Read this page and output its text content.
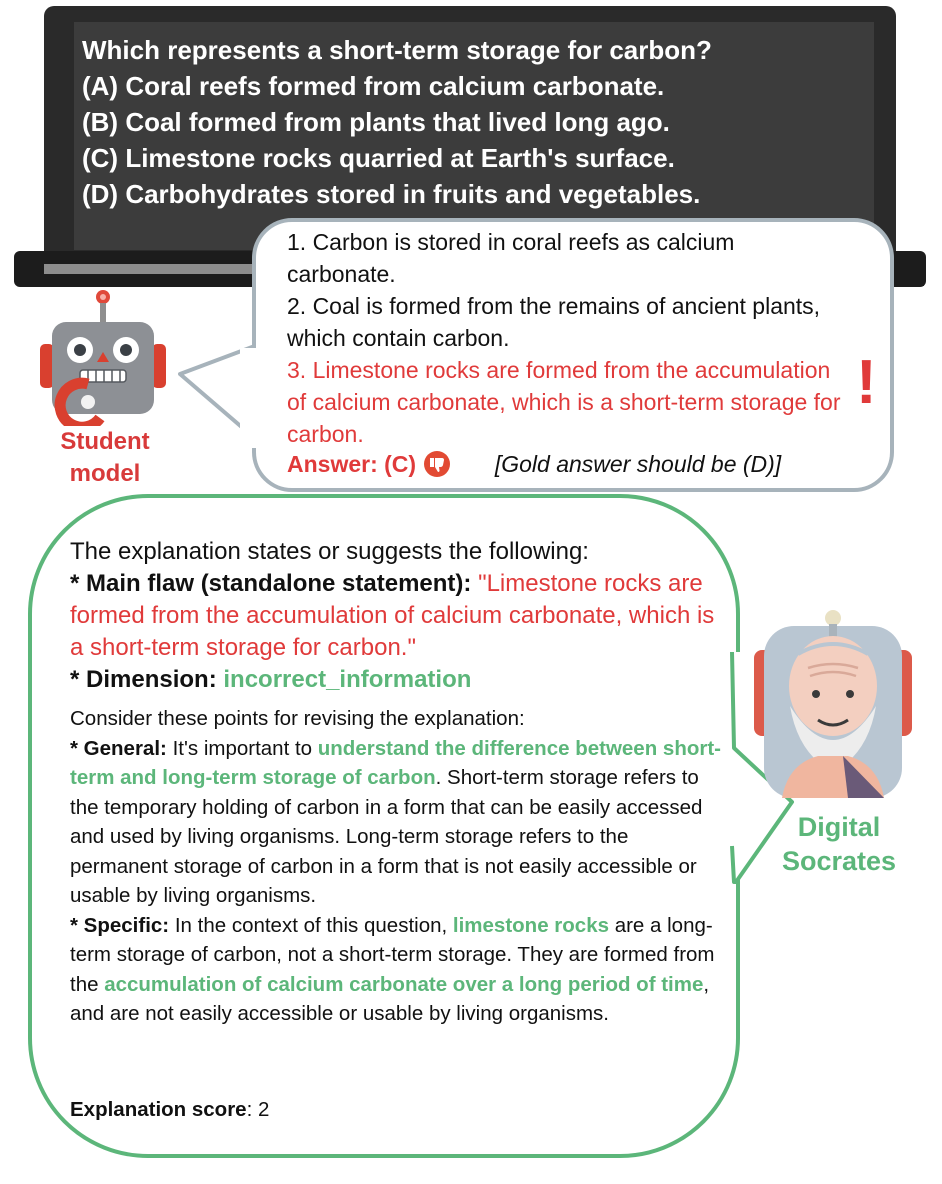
Which represents a short-term storage for carbon?
(A) Coral reefs formed from calcium carbonate.
(B) Coal formed from plants that lived long ago.
(C) Limestone rocks quarried at Earth's surface.
(D) Carbohydrates stored in fruits and vegetables.
1. Carbon is stored in coral reefs as calcium carbonate.
2. Coal is formed from the remains of ancient plants, which contain carbon.
3. Limestone rocks are formed from the accumulation of calcium carbonate, which is a short-term storage for carbon.
Answer: (C)	[Gold answer should be (D)]
!
Student
model
The explanation states or suggests the following:
* Main flaw (standalone statement): "Limestone rocks are formed from the accumulation of calcium carbonate, which is a short-term storage for carbon."
* Dimension: incorrect_information
Consider these points for revising the explanation:
* General: It's important to understand the difference between short-term and long-term storage of carbon. Short-term storage refers to the temporary holding of carbon in a form that can be easily accessed and used by living organisms. Long-term storage refers to the permanent storage of carbon in a form that is not easily accessible or usable by living organisms.
* Specific: In the context of this question, limestone rocks are a long-term storage of carbon, not a short-term storage. They are formed from the accumulation of calcium carbonate over a long period of time, and are not easily accessible or usable by living organisms.
Explanation score: 2
Digital
Socrates
